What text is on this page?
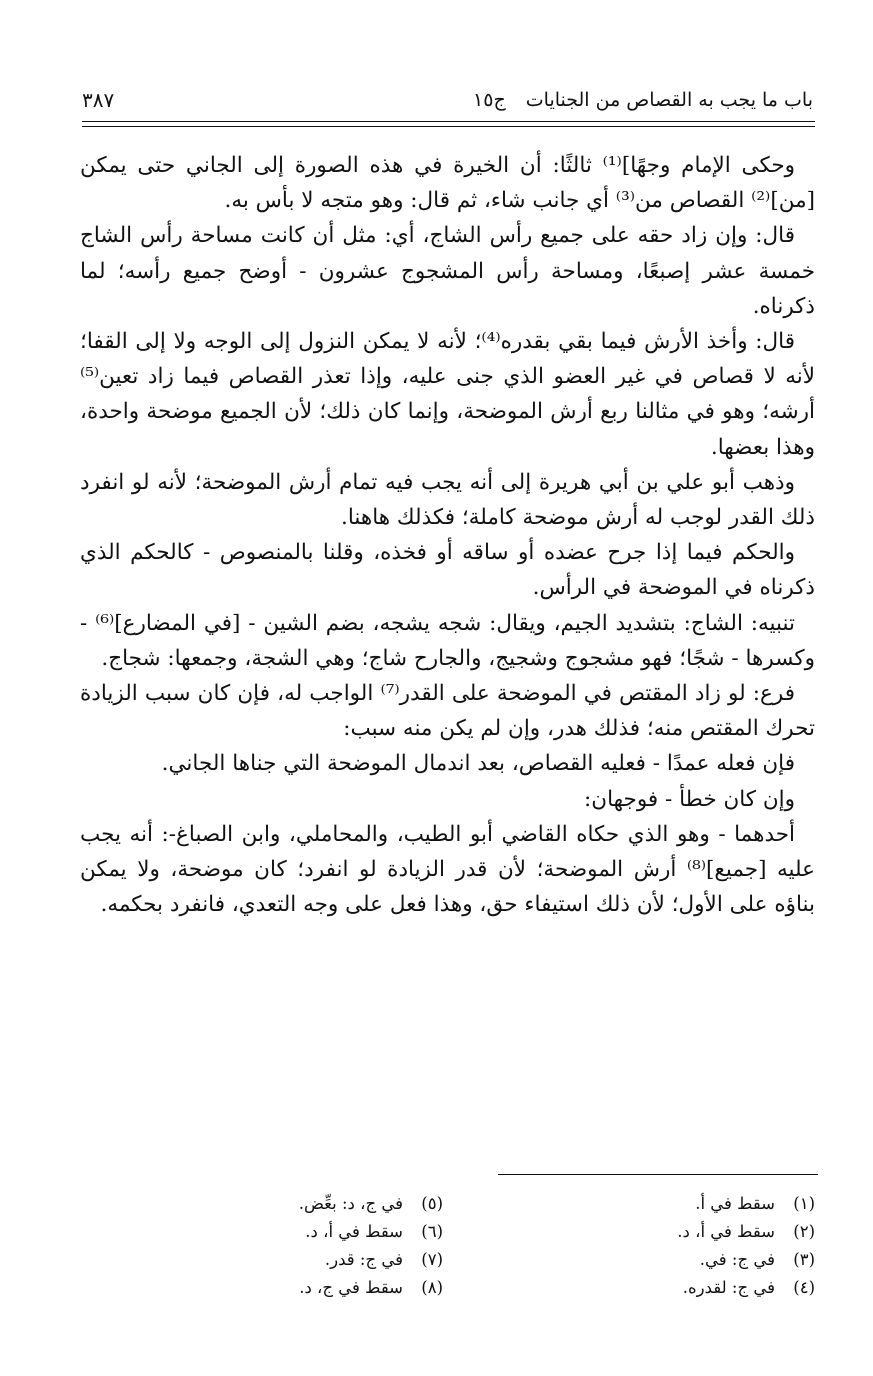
باب ما يجب به القصاص من الجنايات ج١٥
٣٨٧

وحكى الإمام وجهًا]⁽¹⁾ ثالثًا: أن الخيرة في هذه الصورة إلى الجاني حتى يمكن [من]⁽²⁾ القصاص من⁽³⁾ أي جانب شاء، ثم قال: وهو متجه لا بأس به.

قال: وإن زاد حقه على جميع رأس الشاج، أي: مثل أن كانت مساحة رأس الشاج خمسة عشر إصبعًا، ومساحة رأس المشجوج عشرون - أوضح جميع رأسه؛ لما ذكرناه.

قال: وأخذ الأرش فيما بقي بقدره⁽⁴⁾؛ لأنه لا يمكن النزول إلى الوجه ولا إلى القفا؛ لأنه لا قصاص في غير العضو الذي جنى عليه، وإذا تعذر القصاص فيما زاد تعين⁽⁵⁾ أرشه؛ وهو في مثالنا ربع أرش الموضحة، وإنما كان ذلك؛ لأن الجميع موضحة واحدة، وهذا بعضها.

وذهب أبو علي بن أبي هريرة إلى أنه يجب فيه تمام أرش الموضحة؛ لأنه لو انفرد ذلك القدر لوجب له أرش موضحة كاملة؛ فكذلك هاهنا.

والحكم فيما إذا جرح عضده أو ساقه أو فخذه، وقلنا بالمنصوص - كالحكم الذي ذكرناه في الموضحة في الرأس.

تنبيه: الشاج: بتشديد الجيم، ويقال: شجه يشجه، بضم الشين - [في المضارع]⁽⁶⁾ - وكسرها - شجًا؛ فهو مشجوج وشجيج، والجارح شاج؛ وهي الشجة، وجمعها: شجاج.

فرع: لو زاد المقتص في الموضحة على القدر⁽⁷⁾ الواجب له، فإن كان سبب الزيادة تحرك المقتص منه؛ فذلك هدر، وإن لم يكن منه سبب:

فإن فعله عمدًا - فعليه القصاص، بعد اندمال الموضحة التي جناها الجاني.

وإن كان خطأ - فوجهان:

أحدهما - وهو الذي حكاه القاضي أبو الطيب، والمحاملي، وابن الصباغ-: أنه يجب عليه [جميع]⁽⁸⁾ أرش الموضحة؛ لأن قدر الزيادة لو انفرد؛ كان موضحة، ولا يمكن بناؤه على الأول؛ لأن ذلك استيفاء حق، وهذا فعل على وجه التعدي، فانفرد بحكمه.

(١)سقط في أ.
(٢)سقط في أ، د.
(٣)في ج: في.
(٤)في ج: لقدره.
(٥)في ج، د: بعِّض.
(٦)سقط في أ، د.
(٧)في ج: قدر.
(٨)سقط في ج، د.
